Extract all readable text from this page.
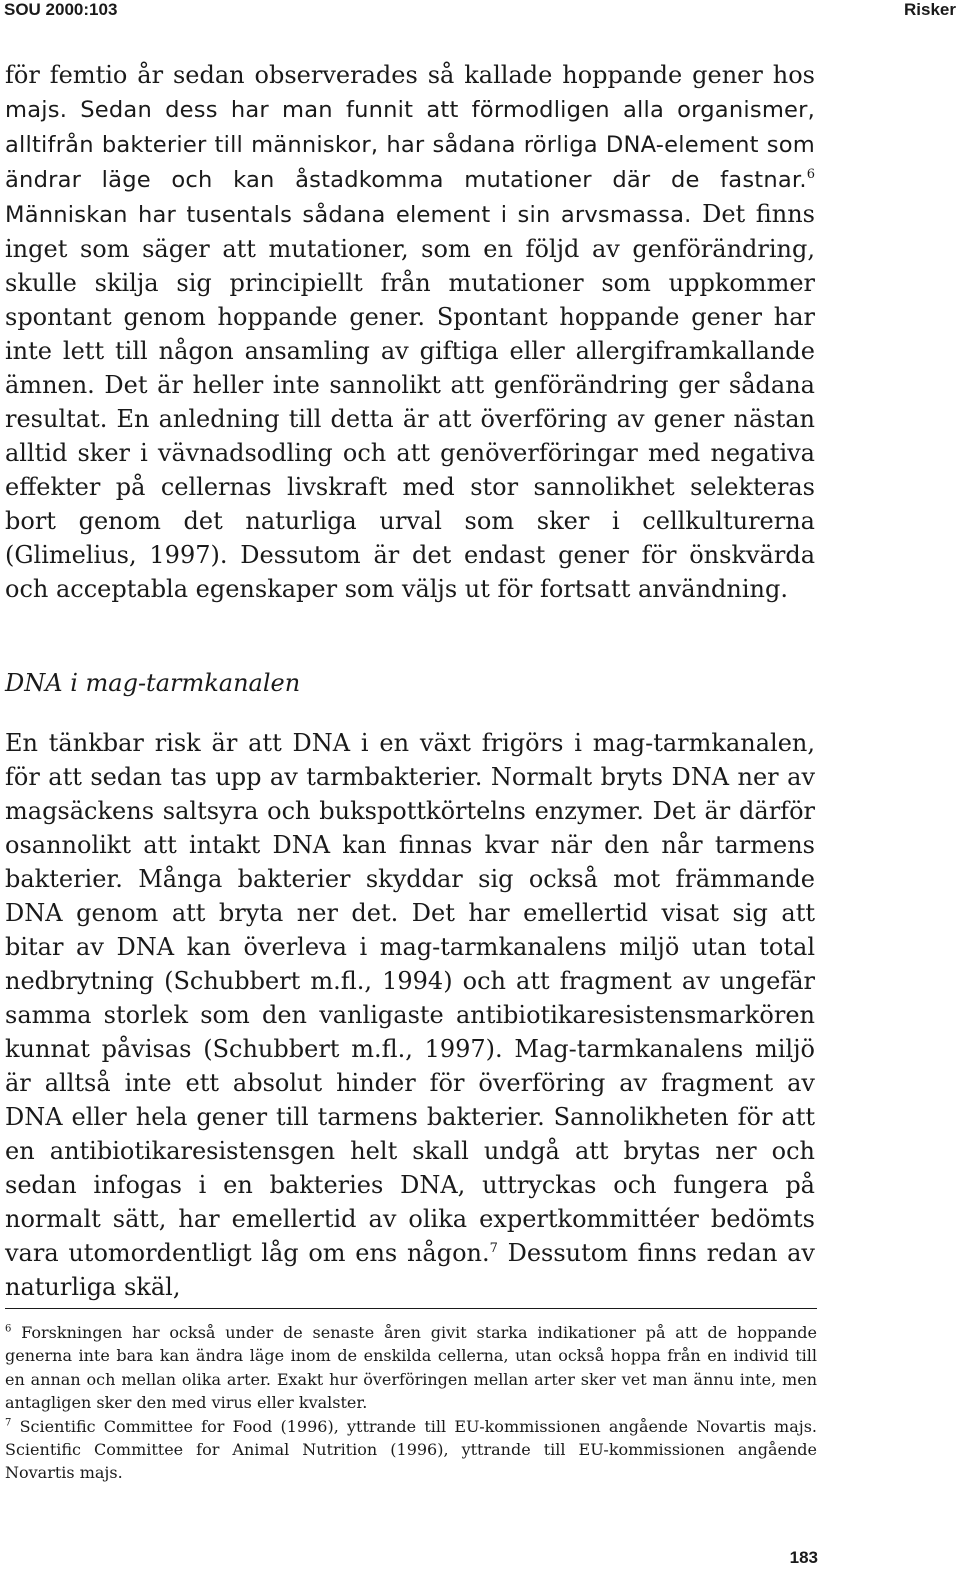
SOU 2000:103	Risker

för femtio år sedan observerades så kallade hoppande gener hos majs. Sedan dess har man funnit att förmodligen alla organismer, alltifrån bakterier till människor, har sådana rörliga DNA-element som ändrar läge och kan åstadkomma mutationer där de fastnar.$^6$ Människan har tusentals sådana element i sin arvsmassa. Det finns inget som säger att mutationer, som en följd av genförändring, skulle skilja sig principiellt från mutationer som uppkommer spontant genom hoppande gener. Spontant hoppande gener har inte lett till någon ansamling av giftiga eller allergiframkallande ämnen. Det är heller inte sannolikt att genförändring ger sådana resultat. En anledning till detta är att överföring av gener nästan alltid sker i vävnadsodling och att genöverföringar med negativa effekter på cellernas livskraft med stor sannolikhet selekteras bort genom det naturliga urval som sker i cellkulturerna (Glimelius, 1997). Dessutom är det endast gener för önskvärda och acceptabla egenskaper som väljs ut för fortsatt användning.

DNA i mag-tarmkanalen

En tänkbar risk är att DNA i en växt frigörs i mag-tarmkanalen, för att sedan tas upp av tarmbakterier. Normalt bryts DNA ner av magsäckens saltsyra och bukspottkörtelns enzymer. Det är därför osannolikt att intakt DNA kan finnas kvar när den når tarmens bakterier. Många bakterier skyddar sig också mot främmande DNA genom att bryta ner det. Det har emellertid visat sig att bitar av DNA kan överleva i mag-tarmkanalens miljö utan total nedbrytning (Schubbert m.fl., 1994) och att fragment av ungefär samma storlek som den vanligaste antibiotikaresistensmarkören kunnat påvisas (Schubbert m.fl., 1997). Mag-tarmkanalens miljö är alltså inte ett absolut hinder för överföring av fragment av DNA eller hela gener till tarmens bakterier. Sannolikheten för att en antibiotikaresistensgen helt skall undgå att brytas ner och sedan infogas i en bakteries DNA, uttryckas och fungera på normalt sätt, har emellertid av olika expertkommittéer bedömts vara utomordentligt låg om ens någon.$^7$ Dessutom finns redan av naturliga skäl,

$^6$ Forskningen har också under de senaste åren givit starka indikationer på att de hoppande generna inte bara kan ändra läge inom de enskilda cellerna, utan också hoppa från en individ till en annan och mellan olika arter. Exakt hur överföringen mellan arter sker vet man ännu inte, men antagligen sker den med virus eller kvalster.

$^7$ Scientific Committee for Food (1996), yttrande till EU-kommissionen angående Novartis majs. Scientific Committee for Animal Nutrition (1996), yttrande till EU-kommissionen angående Novartis majs.

183
